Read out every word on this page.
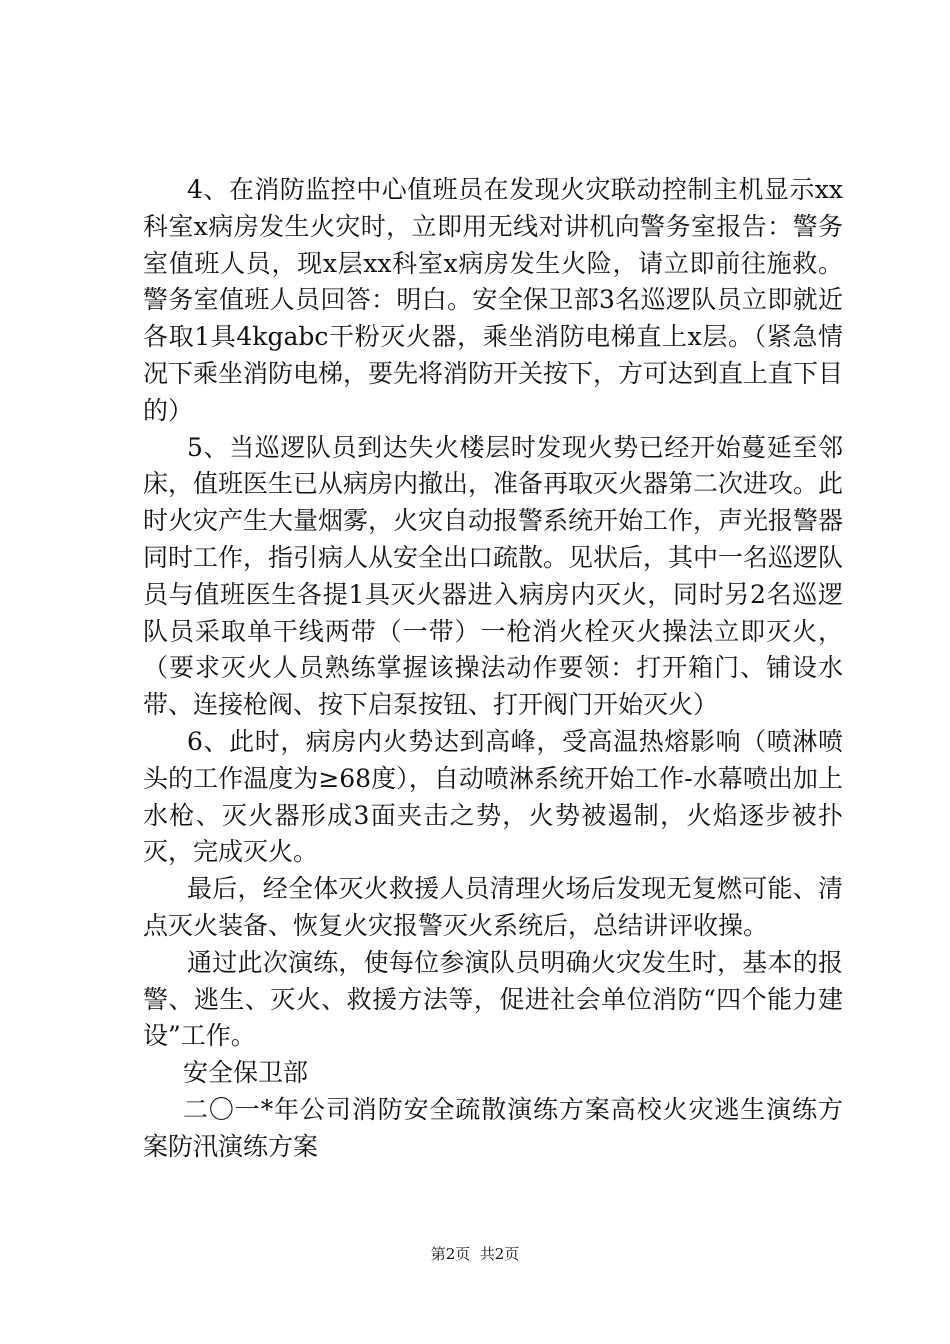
4、在消防监控中心值班员在发现火灾联动控制主机显示xx科室x病房发生火灾时，立即用无线对讲机向警务室报告：警务室值班人员，现x层xx科室x病房发生火险，请立即前往施救。警务室值班人员回答：明白。安全保卫部3名巡逻队员立即就近各取1具4kgabc干粉灭火器，乘坐消防电梯直上x层。（紧急情况下乘坐消防电梯，要先将消防开关按下，方可达到直上直下目的）

5、当巡逻队员到达失火楼层时发现火势已经开始蔓延至邻床，值班医生已从病房内撤出，准备再取灭火器第二次进攻。此时火灾产生大量烟雾，火灾自动报警系统开始工作，声光报警器同时工作，指引病人从安全出口疏散。见状后，其中一名巡逻队员与值班医生各提1具灭火器进入病房内灭火，同时另2名巡逻队员采取单干线两带（一带）一枪消火栓灭火操法立即灭火，（要求灭火人员熟练掌握该操法动作要领：打开箱门、铺设水带、连接枪阀、按下启泵按钮、打开阀门开始灭火）

6、此时，病房内火势达到高峰，受高温热熔影响（喷淋喷头的工作温度为≥68度），自动喷淋系统开始工作-水幕喷出加上水枪、灭火器形成3面夹击之势，火势被遏制，火焰逐步被扑灭，完成灭火。

最后，经全体灭火救援人员清理火场后发现无复燃可能、清点灭火装备、恢复火灾报警灭火系统后，总结讲评收操。

通过此次演练，使每位参演队员明确火灾发生时，基本的报警、逃生、灭火、救援方法等，促进社会单位消防“四个能力建设”工作。

安全保卫部

二〇一*年公司消防安全疏散演练方案高校火灾逃生演练方案防汛演练方案

第2页  共2页
